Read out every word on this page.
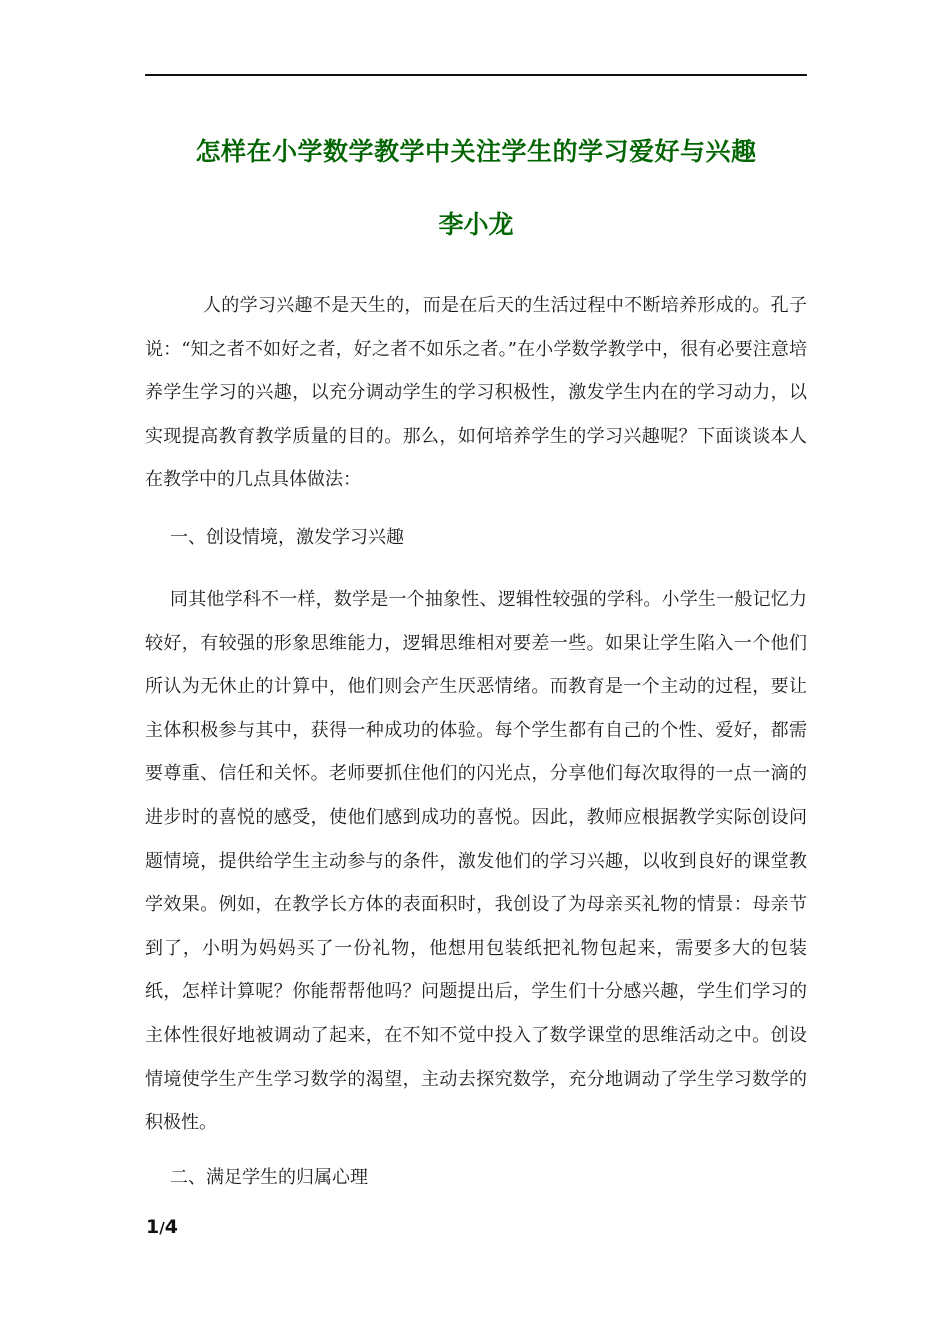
怎样在小学数学教学中关注学生的学习爱好与兴趣

李小龙

人的学习兴趣不是天生的，而是在后天的生活过程中不断培养形成的。孔子说：“知之者不如好之者，好之者不如乐之者。”在小学数学教学中，很有必要注意培养学生学习的兴趣，以充分调动学生的学习积极性，激发学生内在的学习动力，以实现提高教育教学质量的目的。那么，如何培养学生的学习兴趣呢？下面谈谈本人在教学中的几点具体做法：

一、创设情境，激发学习兴趣

同其他学科不一样，数学是一个抽象性、逻辑性较强的学科。小学生一般记忆力较好，有较强的形象思维能力，逻辑思维相对要差一些。如果让学生陷入一个他们所认为无休止的计算中，他们则会产生厌恶情绪。而教育是一个主动的过程，要让主体积极参与其中，获得一种成功的体验。每个学生都有自己的个性、爱好，都需要尊重、信任和关怀。老师要抓住他们的闪光点，分享他们每次取得的一点一滴的进步时的喜悦的感受，使他们感到成功的喜悦。因此，教师应根据教学实际创设问题情境，提供给学生主动参与的条件，激发他们的学习兴趣，以收到良好的课堂教学效果。例如，在教学长方体的表面积时，我创设了为母亲买礼物的情景：母亲节到了，小明为妈妈买了一份礼物，他想用包装纸把礼物包起来，需要多大的包装纸，怎样计算呢？你能帮帮他吗？问题提出后，学生们十分感兴趣，学生们学习的主体性很好地被调动了起来，在不知不觉中投入了数学课堂的思维活动之中。创设情境使学生产生学习数学的渴望，主动去探究数学，充分地调动了学生学习数学的积极性。

二、满足学生的归属心理

1/4
